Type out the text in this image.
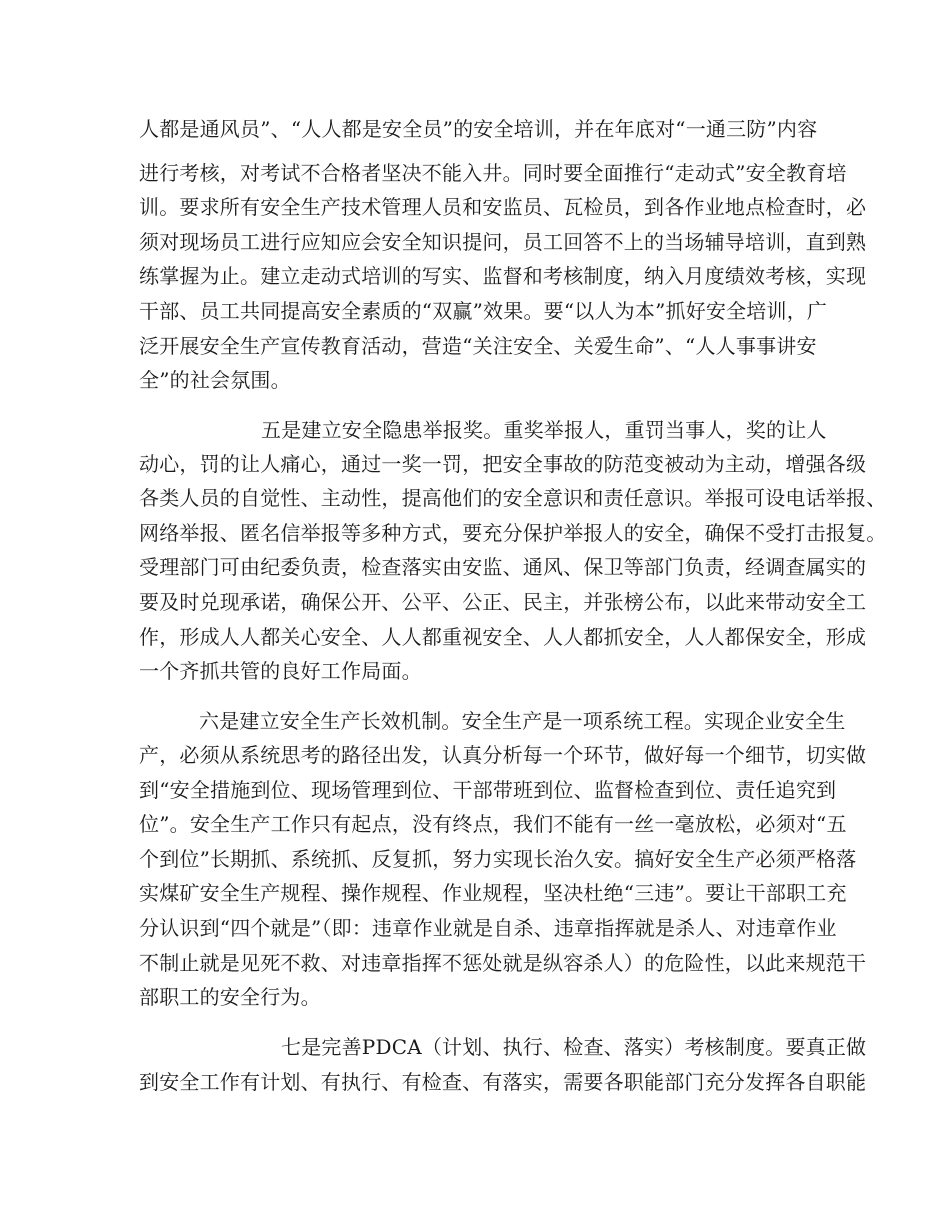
人都是通风员”、“人人都是安全员”的安全培训，并在年底对“一通三防”内容
进行考核，对考试不合格者坚决不能入井。同时要全面推行“走动式”安全教育培
训。要求所有安全生产技术管理人员和安监员、瓦检员，到各作业地点检查时，必
须对现场员工进行应知应会安全知识提问，员工回答不上的当场辅导培训，直到熟
练掌握为止。建立走动式培训的写实、监督和考核制度，纳入月度绩效考核，实现
干部、员工共同提高安全素质的“双赢”效果。要“以人为本”抓好安全培训，广
泛开展安全生产宣传教育活动，营造“关注安全、关爱生命”、“人人事事讲安
全”的社会氛围。
五是建立安全隐患举报奖。重奖举报人，重罚当事人，奖的让人
动心，罚的让人痛心，通过一奖一罚，把安全事故的防范变被动为主动，增强各级
各类人员的自觉性、主动性，提高他们的安全意识和责任意识。举报可设电话举报、
网络举报、匿名信举报等多种方式，要充分保护举报人的安全，确保不受打击报复。
受理部门可由纪委负责，检查落实由安监、通风、保卫等部门负责，经调查属实的
要及时兑现承诺，确保公开、公平、公正、民主，并张榜公布，以此来带动安全工
作，形成人人都关心安全、人人都重视安全、人人都抓安全，人人都保安全，形成
一个齐抓共管的良好工作局面。
六是建立安全生产长效机制。安全生产是一项系统工程。实现企业安全生
产，必须从系统思考的路径出发，认真分析每一个环节，做好每一个细节，切实做
到“安全措施到位、现场管理到位、干部带班到位、监督检查到位、责任追究到
位”。安全生产工作只有起点，没有终点，我们不能有一丝一毫放松，必须对“五
个到位”长期抓、系统抓、反复抓，努力实现长治久安。搞好安全生产必须严格落
实煤矿安全生产规程、操作规程、作业规程，坚决杜绝“三违”。要让干部职工充
分认识到“四个就是”（即：违章作业就是自杀、违章指挥就是杀人、对违章作业
不制止就是见死不救、对违章指挥不惩处就是纵容杀人）的危险性，以此来规范干
部职工的安全行为。
七是完善PDCA（计划、执行、检查、落实）考核制度。要真正做
到安全工作有计划、有执行、有检查、有落实，需要各职能部门充分发挥各自职能
